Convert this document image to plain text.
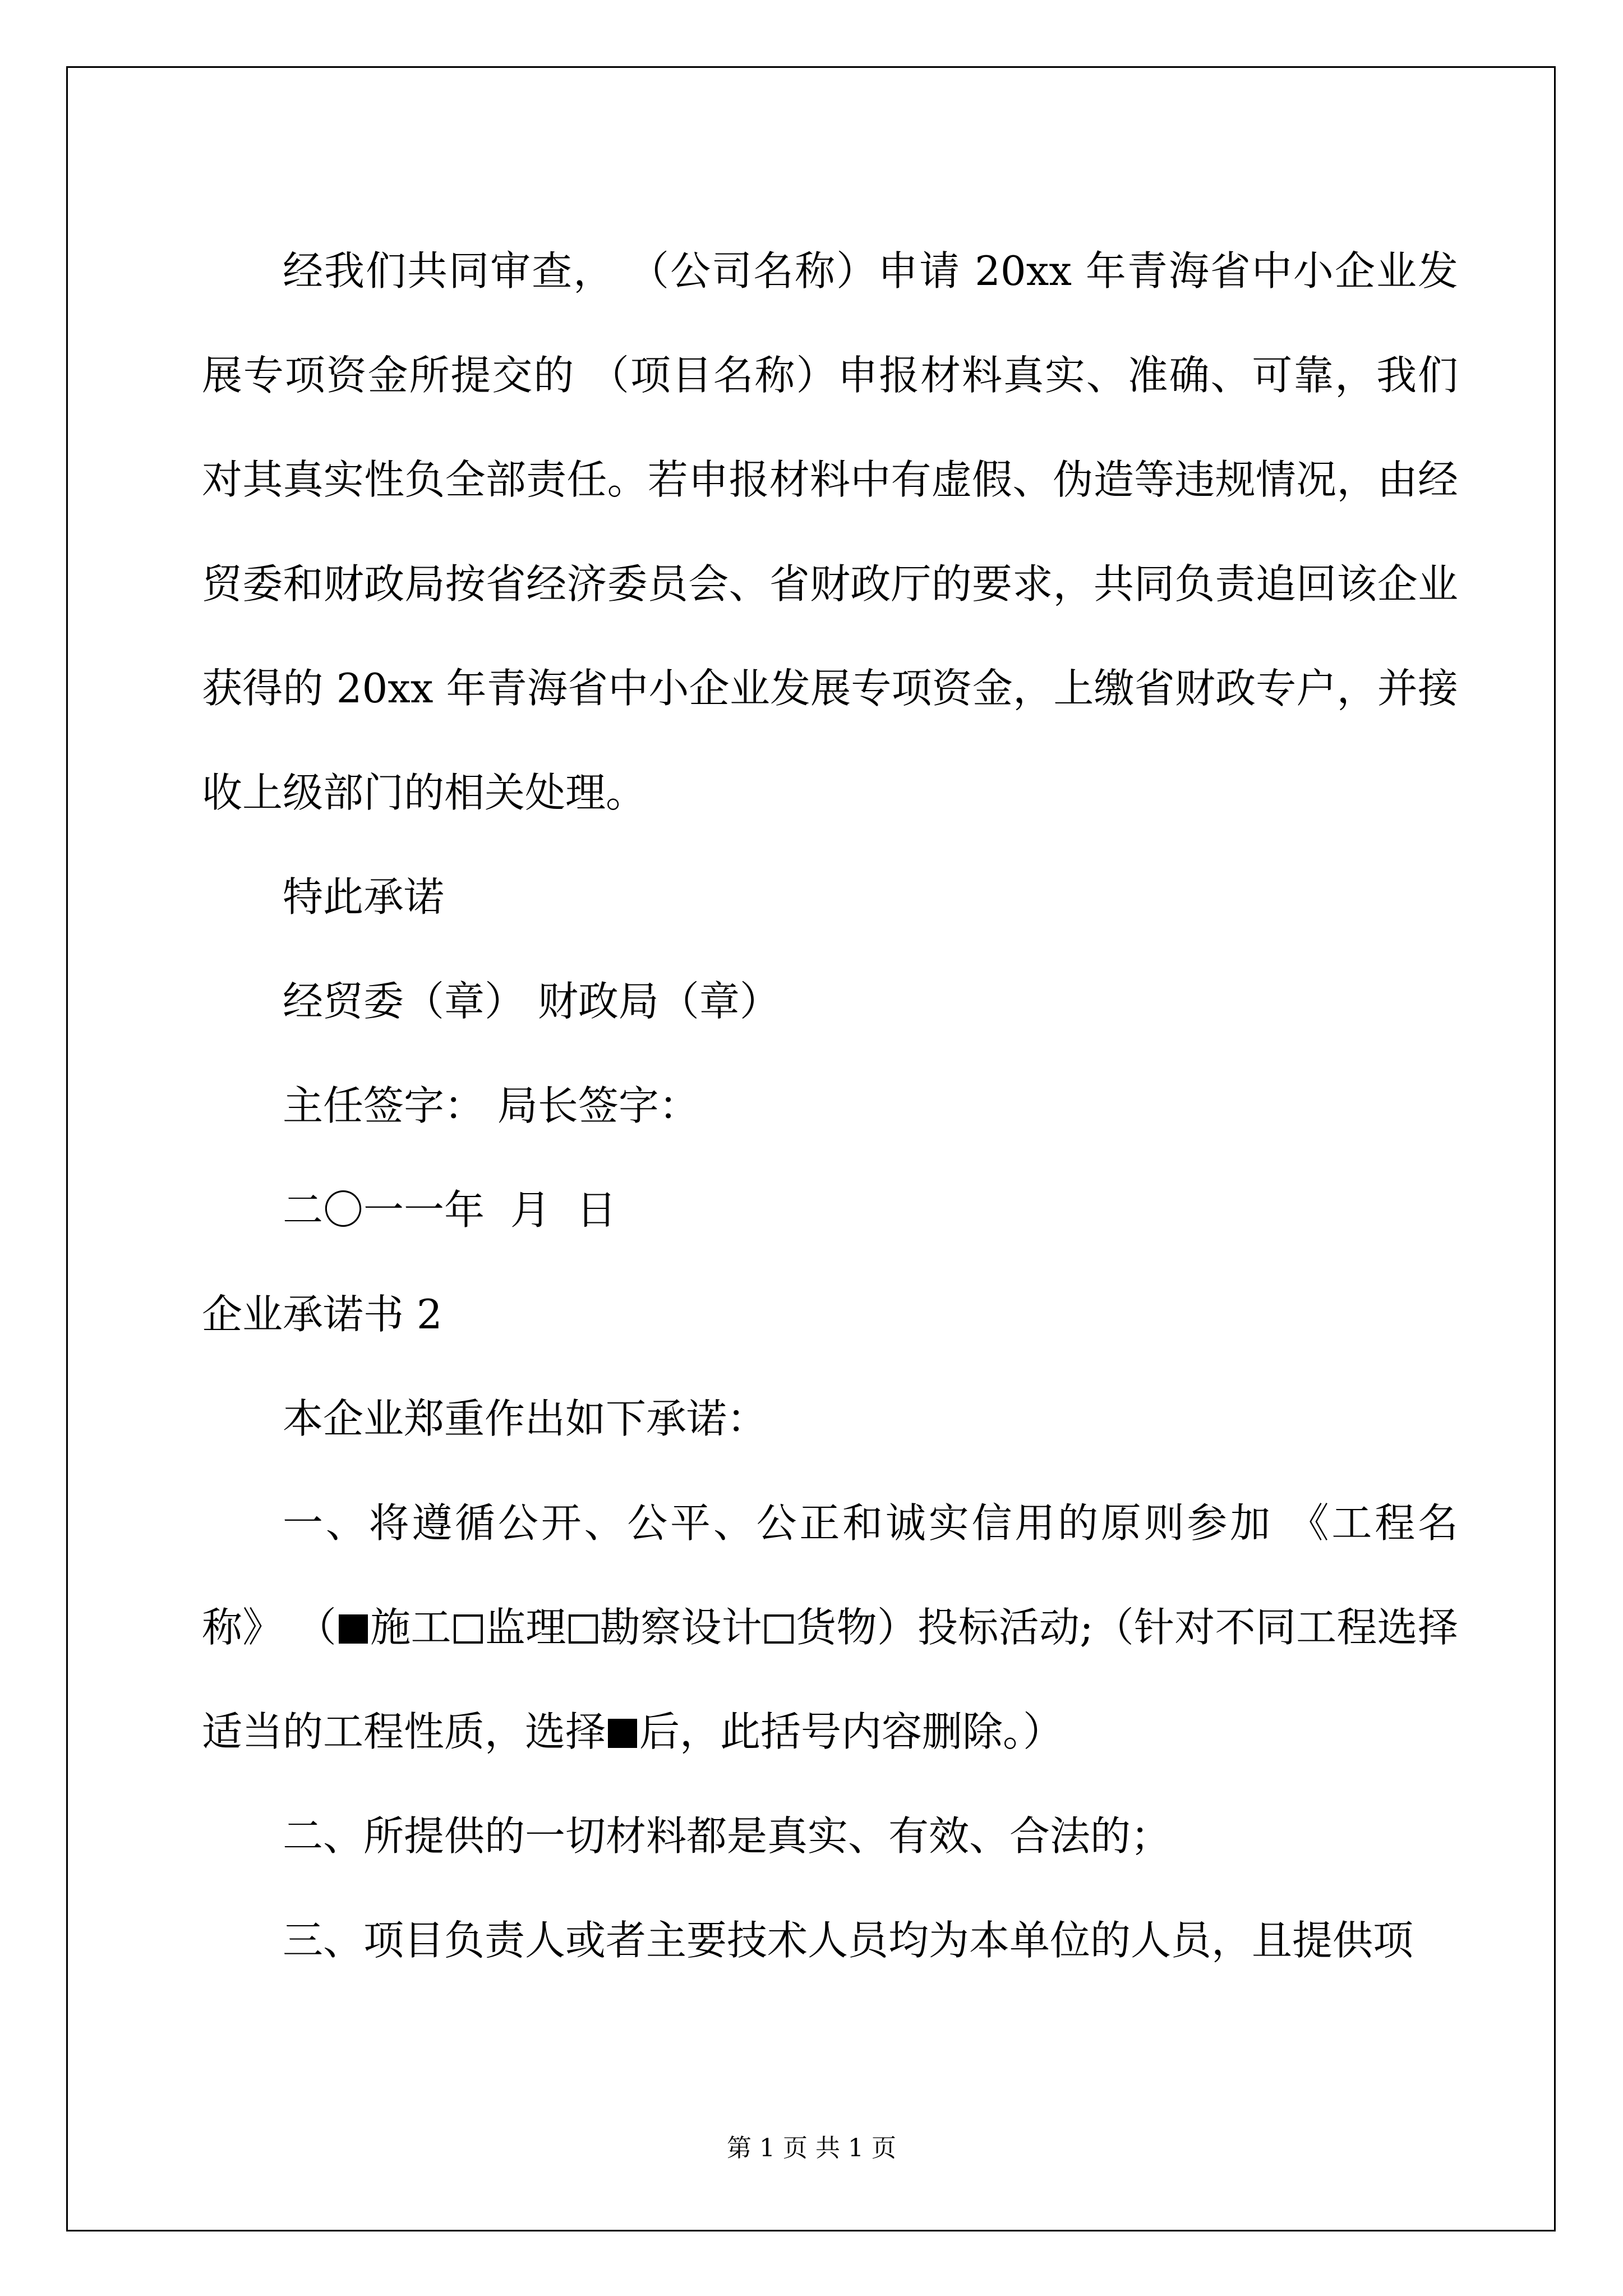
经我们共同审查， （公司名称）申请 20xx 年青海省中小企业发展专项资金所提交的 （项目名称）申报材料真实、准确、可靠，我们对其真实性负全部责任。若申报材料中有虚假、伪造等违规情况，由经贸委和财政局按省经济委员会、省财政厅的要求，共同负责追回该企业获得的 20xx 年青海省中小企业发展专项资金，上缴省财政专户，并接收上级部门的相关处理。

特此承诺

经贸委（章） 财政局（章）

主任签字： 局长签字：

二〇一一年  月  日

企业承诺书 2

本企业郑重作出如下承诺：

一、将遵循公开、公平、公正和诚实信用的原则参加 《工程名称》 （ 施工 监理 勘察设计 货物）投标活动;（针对不同工程选择适当的工程性质，选择 后，此括号内容删除。）

二、所提供的一切材料都是真实、有效、合法的；

三、项目负责人或者主要技术人员均为本单位的人员，且提供项

第 1 页 共 1 页
